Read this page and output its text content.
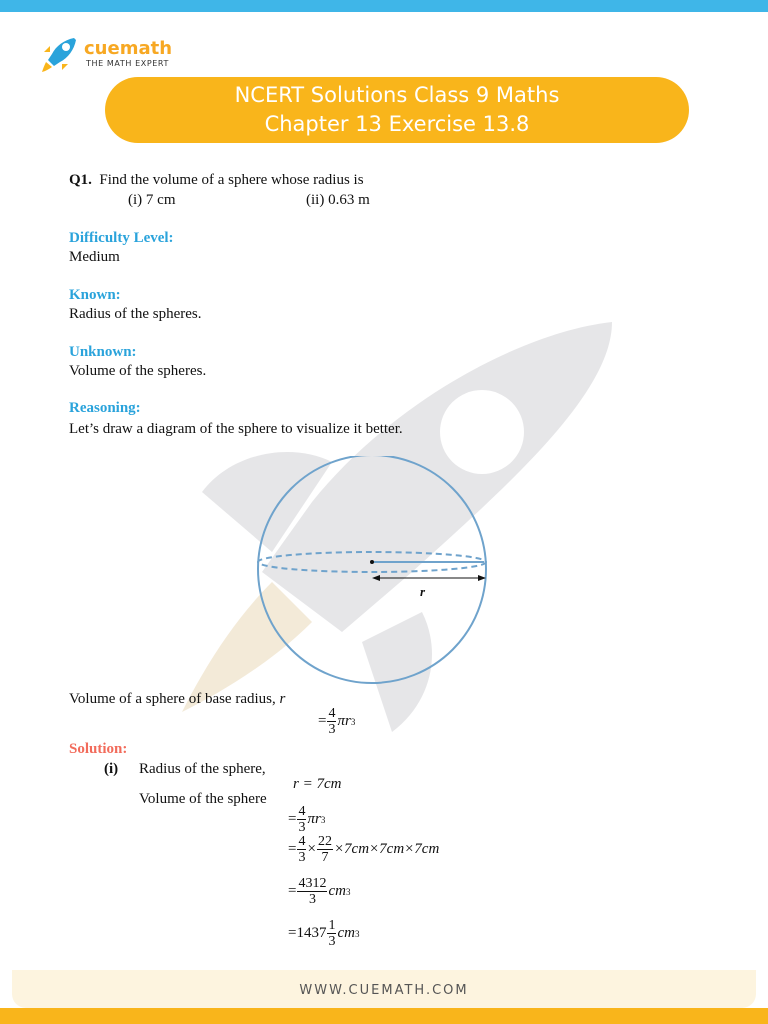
cuemath
THE MATH EXPERT
NCERT Solutions Class 9 Maths
Chapter 13 Exercise 13.8
Q1. Find the volume of a sphere whose radius is
(i) 7 cm	(ii) 0.63 m
Difficulty Level:
Medium
Known:
Radius of the spheres.
Unknown:
Volume of the spheres.
Reasoning:
Let’s draw a diagram of the sphere to visualize it better.
r
Volume of a sphere of base radius, r
= $\frac{4}{3}$ πr 3
Solution:
(i) Radius of the sphere,
r = 7cm
Volume of the sphere
= $\frac{4}{3}$ πr 3
= $\frac{4}{3} \times \frac{22}{7} \times 7cm\times 7cm\times 7cm$
= $\frac{4312}{3}$ cm 3
= $1437 \frac{1}{3}$ cm 3
WWW.CUEMATH.COM
